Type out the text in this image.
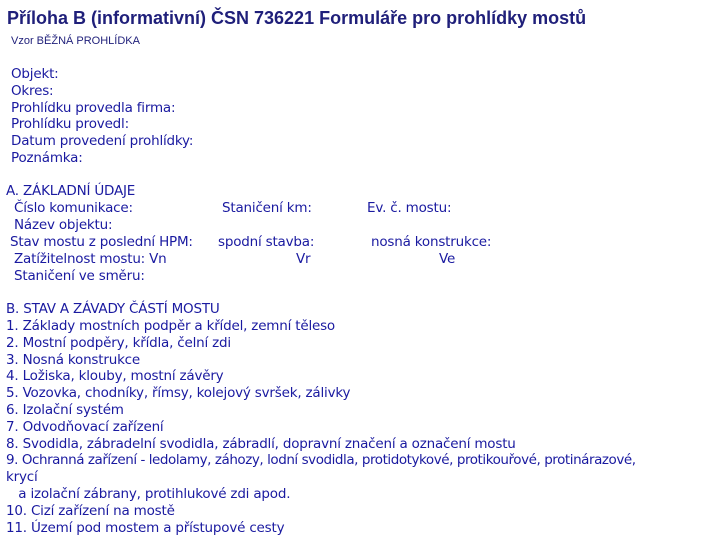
Příloha B (informativní) ČSN 736221 Formuláře pro prohlídky mostů
Vzor BĚŽNÁ PROHLÍDKA
Objekt:
Okres:
Prohlídku provedla firma:
Prohlídku provedl:
Datum provedení prohlídky:
Poznámka:
A. ZÁKLADNÍ ÚDAJE
Číslo komunikace:	Staničení km:	Ev. č. mostu:
Název objektu:
Stav mostu z poslední HPM: spodní stavba:	nosná konstrukce:
Zatížitelnost mostu: Vn	Vr	Ve
Staničení ve směru:
B. STAV A ZÁVADY ČÁSTÍ MOSTU
1. Základy mostních podpěr a křídel, zemní těleso
2. Mostní podpěry, křídla, čelní zdi
3. Nosná konstrukce
4. Ložiska, klouby, mostní závěry
5. Vozovka, chodníky, římsy, kolejový svršek, zálivky
6. Izolační systém
7. Odvodňovací zařízení
8. Svodidla, zábradelní svodidla, zábradlí, dopravní značení a označení mostu
9. Ochranná zařízení - ledolamy, záhozy, lodní svodidla, protidotykové, protikouřové, protinárazové,
krycí
a izolační zábrany, protihlukové zdi apod.
10. Cizí zařízení na mostě
11. Území pod mostem a přístupové cesty
